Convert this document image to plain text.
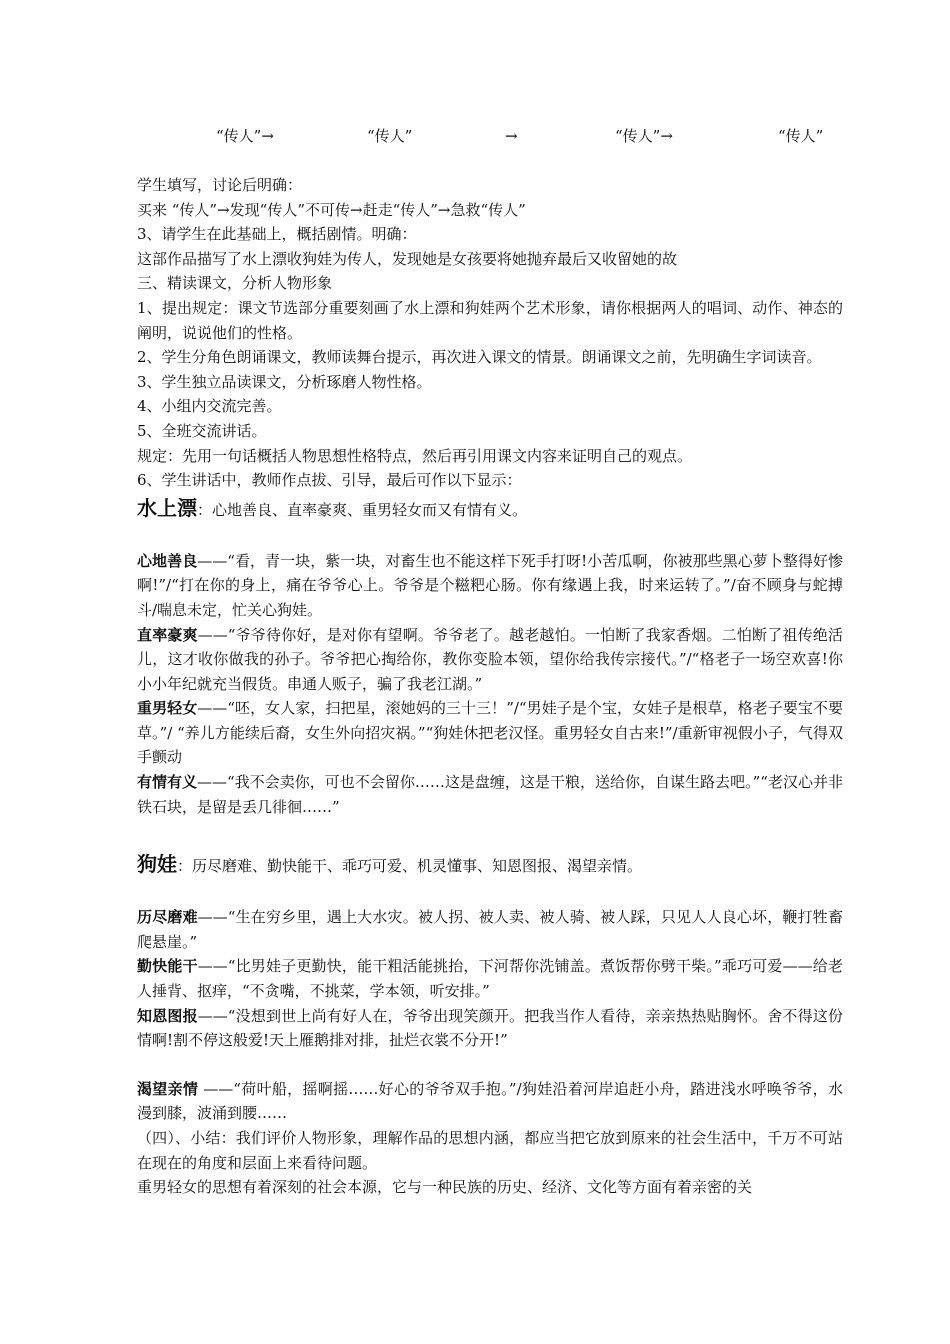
“传人”→	“传人”	→	“传人”→	“传人”

学生填写，讨论后明确：

买来 “传人”→发现“传人”不可传→赶走“传人”→急救“传人”

3、请学生在此基础上，概括剧情。明确：

这部作品描写了水上漂收狗娃为传人，发现她是女孩要将她抛弃最后又收留她的故

三、精读课文，分析人物形象

1、提出规定：课文节选部分重要刻画了水上漂和狗娃两个艺术形象，请你根据两人的唱词、动作、神态的阐明，说说他们的性格。

2、学生分角色朗诵课文，教师读舞台提示，再次进入课文的情景。朗诵课文之前，先明确生字词读音。

3、学生独立品读课文，分析琢磨人物性格。

4、小组内交流完善。

5、全班交流讲话。

规定：先用一句话概括人物思想性格特点，然后再引用课文内容来证明自己的观点。

6、学生讲话中，教师作点拔、引导，最后可作以下显示：

水上漂：心地善良、直率豪爽、重男轻女而又有情有义。

心地善良——“看，青一块，紫一块，对畜生也不能这样下死手打呀!小苦瓜啊，你被那些黑心萝卜整得好惨啊!”/“打在你的身上，痛在爷爷心上。爷爷是个糍粑心肠。你有缘遇上我，时来运转了。”/奋不顾身与蛇搏斗/喘息未定，忙关心狗娃。

直率豪爽——“爷爷待你好，是对你有望啊。爷爷老了。越老越怕。一怕断了我家香烟。二怕断了祖传绝活儿，这才收你做我的孙子。爷爷把心掏给你，教你变脸本领，望你给我传宗接代。”/“格老子一场空欢喜!你小小年纪就充当假货。串通人贩子，骗了我老江湖。”

重男轻女——“呸，女人家，扫把星，滚她妈的三十三！”/“男娃子是个宝，女娃子是根草，格老子要宝不要草。”/ “养儿方能续后裔，女生外向招灾祸。”“狗娃休把老汉怪。重男轻女自古来!”/重新审视假小子，气得双手颤动

有情有义——“我不会卖你，可也不会留你……这是盘缠，这是干粮，送给你，自谋生路去吧。”“老汉心并非铁石块，是留是丢几徘徊……”

狗娃：历尽磨难、勤快能干、乖巧可爱、机灵懂事、知恩图报、渴望亲情。

历尽磨难——“生在穷乡里，遇上大水灾。被人拐、被人卖、被人骑、被人踩，只见人人良心坏，鞭打牲畜爬悬崖。”

勤快能干——“比男娃子更勤快，能干粗活能挑抬，下河帮你洗铺盖。煮饭帮你劈干柴。”乖巧可爱——给老人捶背、抠痒，“不贪嘴，不挑菜，学本领，听安排。”

知恩图报——“没想到世上尚有好人在，爷爷出现笑颜开。把我当作人看待，亲亲热热贴胸怀。舍不得这份情啊!割不停这般爱!天上雁鹅排对排，扯烂衣裳不分开!”

渴望亲情 ——“荷叶船，摇啊摇……好心的爷爷双手抱。”/狗娃沿着河岸追赶小舟，踏进浅水呼唤爷爷，水漫到膝，波涌到腰……

（四）、小结：我们评价人物形象，理解作品的思想内涵，都应当把它放到原来的社会生活中，千万不可站在现在的角度和层面上来看待问题。

重男轻女的思想有着深刻的社会本源，它与一种民族的历史、经济、文化等方面有着亲密的关
